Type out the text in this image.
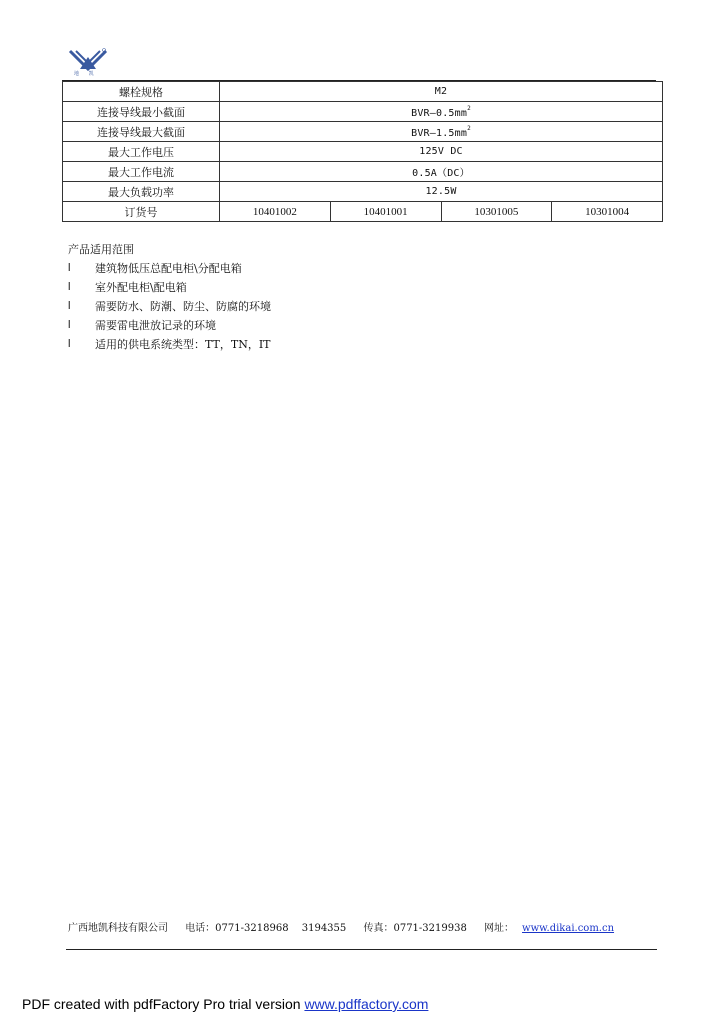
地 凯
螺栓规格	M2			
连接导线最小截面	$BVR—0.5mm^2$
连接导线最大截面	$BVR—1.5mm^2$
最大工作电压	125V DC			
最大工作电流	0.5A（DC）			
最大负载功率	12.5W			
订货号	10401002	10401001	10301005	10301004
产品适用范围
l 建筑物低压总配电柜\分配电箱
l 室外配电柜\配电箱
l 需要防水、防潮、防尘、防腐的环境
l 需要雷电泄放记录的环境
l 适用的供电系统类型：TT，TN，IT
广西地凯科技有限公司 电话：0771-3218968　 3194355 传真：0771-3219938 网址： www.dikai.com.cn
PDF created with pdfFactory Pro trial version www.pdffactory.com
